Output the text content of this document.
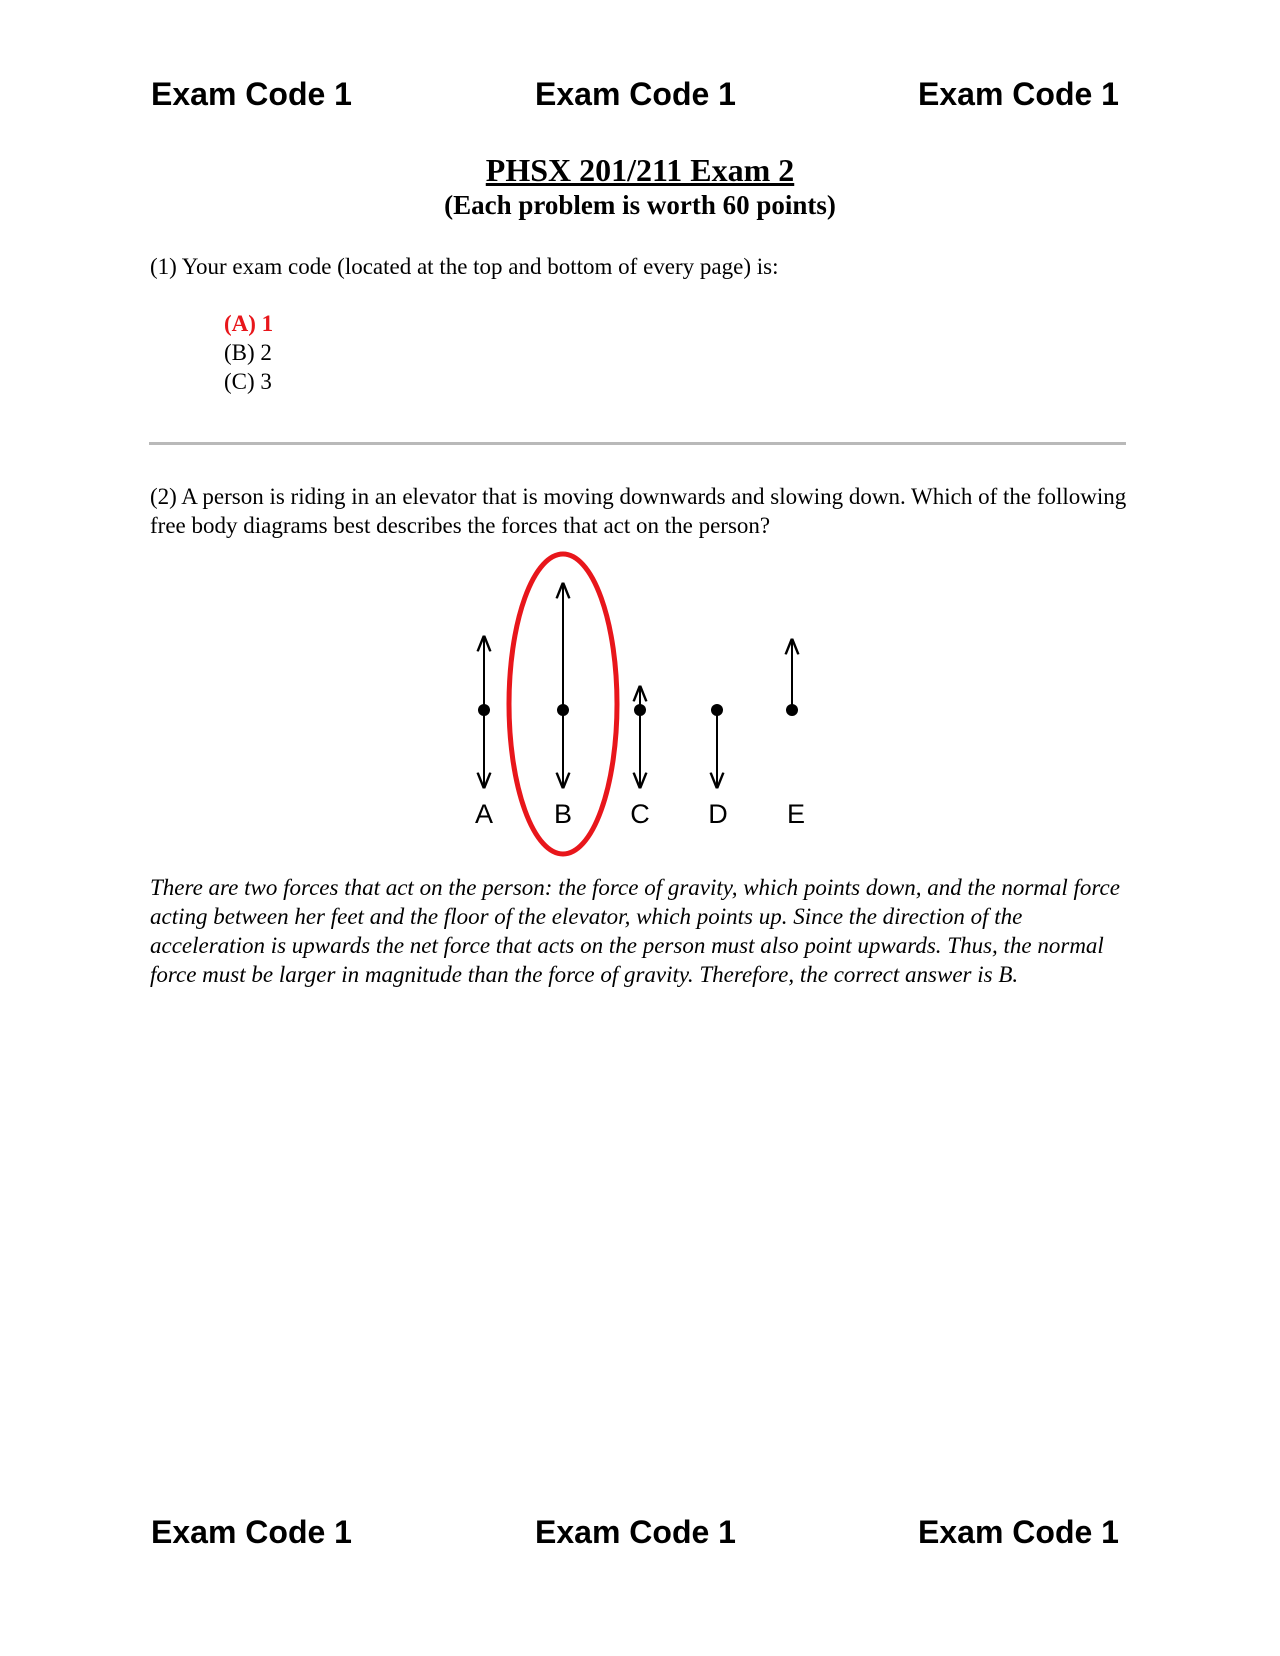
Exam Code 1	Exam Code 1	Exam Code 1
PHSX 201/211 Exam 2
(Each problem is worth 60 points)
(1) Your exam code (located at the top and bottom of every page) is:
(A) 1
(B) 2
(C) 3
(2) A person is riding in an elevator that is moving downwards and slowing down. Which of the following free body diagrams best describes the forces that act on the person?
A B C D E
There are two forces that act on the person: the force of gravity, which points down, and the normal force acting between her feet and the floor of the elevator, which points up. Since the direction of the acceleration is upwards the net force that acts on the person must also point upwards. Thus, the normal force must be larger in magnitude than the force of gravity. Therefore, the correct answer is B.
Exam Code 1	Exam Code 1	Exam Code 1
